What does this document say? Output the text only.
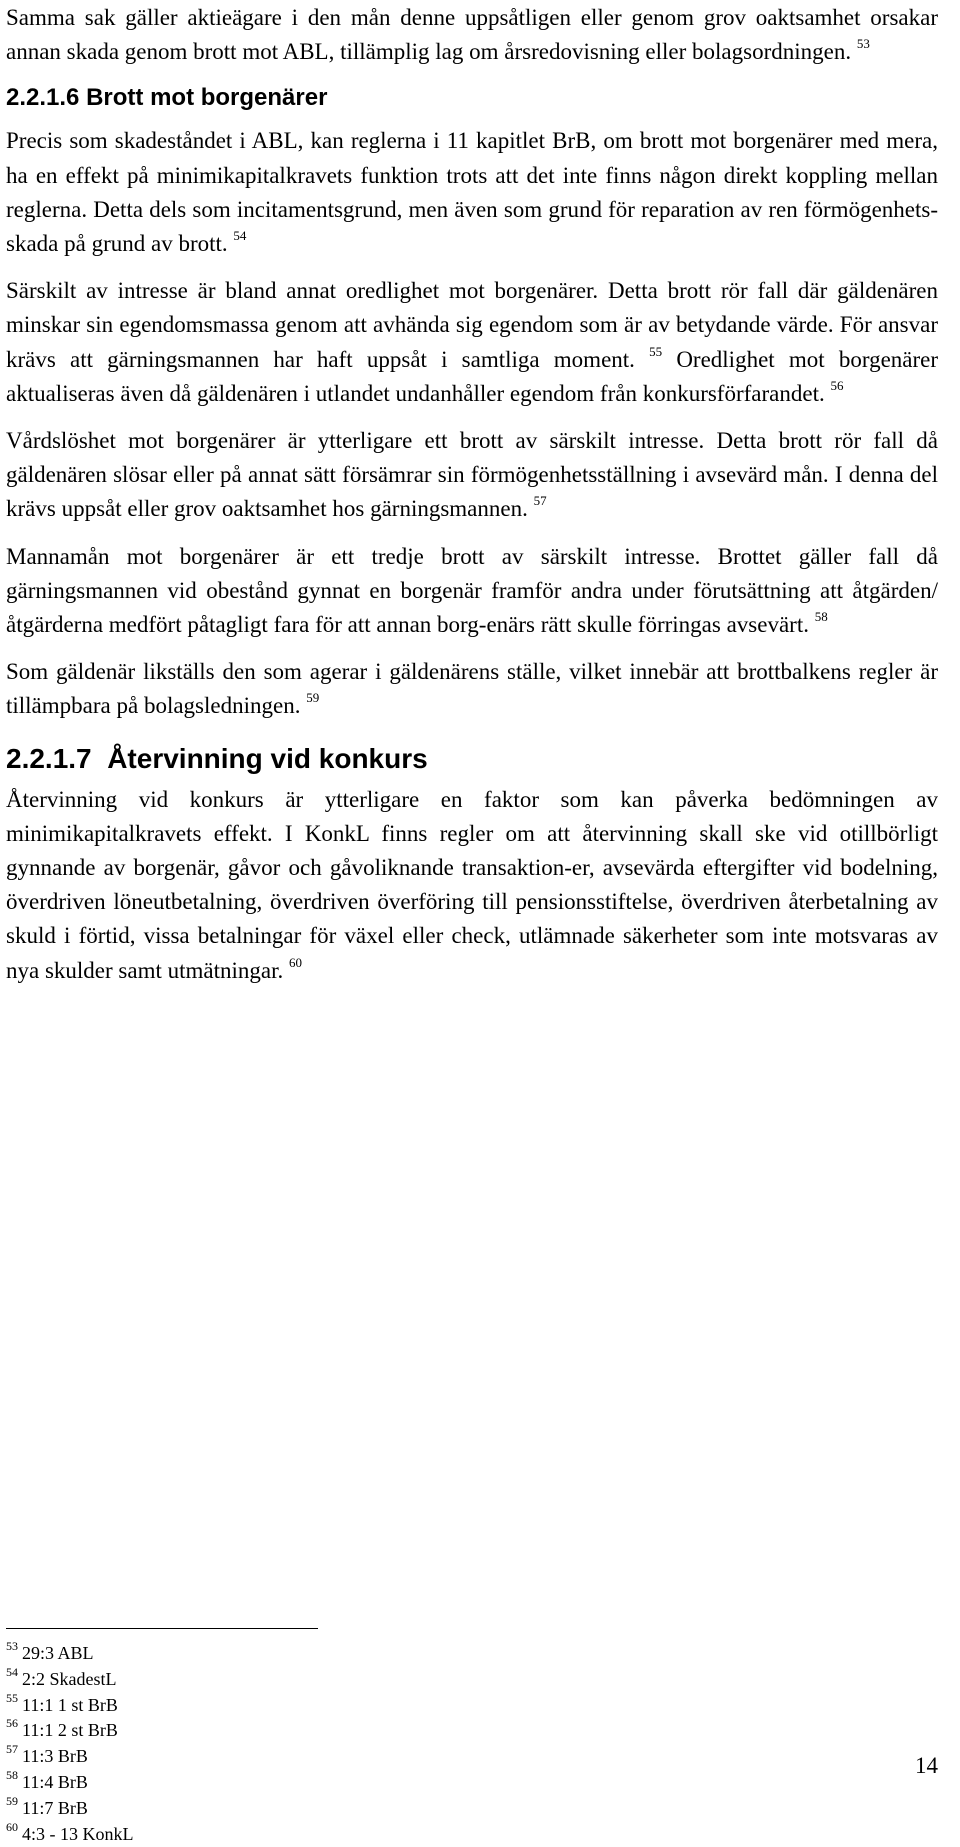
Samma sak gäller aktieägare i den mån denne uppsåtligen eller genom grov oaktsamhet orsakar annan skada genom brott mot ABL, tillämplig lag om årsredovisning eller bolagsordningen. $^{53}$

2.2.1.6 Brott mot borgenärer

Precis som skadeståndet i ABL, kan reglerna i 11 kapitlet BrB, om brott mot borgenärer med mera, ha en effekt på minimikapitalkravets funktion trots att det inte finns någon direkt koppling mellan reglerna. Detta dels som incitamentsgrund, men även som grund för reparation av ren förmögenhets-skada på grund av brott. $^{54}$

Särskilt av intresse är bland annat oredlighet mot borgenärer. Detta brott rör fall där gäldenären minskar sin egendomsmassa genom att avhända sig egendom som är av betydande värde. För ansvar krävs att gärningsmannen har haft uppsåt i samtliga moment. $^{55}$ Oredlighet mot borgenärer aktualiseras även då gäldenären i utlandet undanhåller egendom från konkursförfarandet. $^{56}$

Vårdslöshet mot borgenärer är ytterligare ett brott av särskilt intresse. Detta brott rör fall då gäldenären slösar eller på annat sätt försämrar sin förmögenhetsställning i avsevärd mån. I denna del krävs uppsåt eller grov oaktsamhet hos gärningsmannen. $^{57}$

Mannamån mot borgenärer är ett tredje brott av särskilt intresse. Brottet gäller fall då gärningsmannen vid obestånd gynnat en borgenär framför andra under förutsättning att åtgärden/åtgärderna medfört påtagligt fara för att annan borg-enärs rätt skulle förringas avsevärt. $^{58}$

Som gäldenär likställs den som agerar i gäldenärens ställe, vilket innebär att brottbalkens regler är tillämpbara på bolagsledningen. $^{59}$

2.2.1.7 Återvinning vid konkurs

Återvinning vid konkurs är ytterligare en faktor som kan påverka bedömningen av minimikapitalkravets effekt. I KonkL finns regler om att återvinning skall ske vid otillbörligt gynnande av borgenär, gåvor och gåvoliknande transaktion-er, avsevärda eftergifter vid bodelning, överdriven löneutbetalning, överdriven överföring till pensionsstiftelse, överdriven återbetalning av skuld i förtid, vissa betalningar för växel eller check, utlämnade säkerheter som inte motsvaras av nya skulder samt utmätningar. $^{60}$

$^{53}$ 29:3 ABL
$^{54}$ 2:2 SkadestL
$^{55}$ 11:1 1 st BrB
$^{56}$ 11:1 2 st BrB
$^{57}$ 11:3 BrB
$^{58}$ 11:4 BrB
$^{59}$ 11:7 BrB
$^{60}$ 4:3 - 13 KonkL
14
